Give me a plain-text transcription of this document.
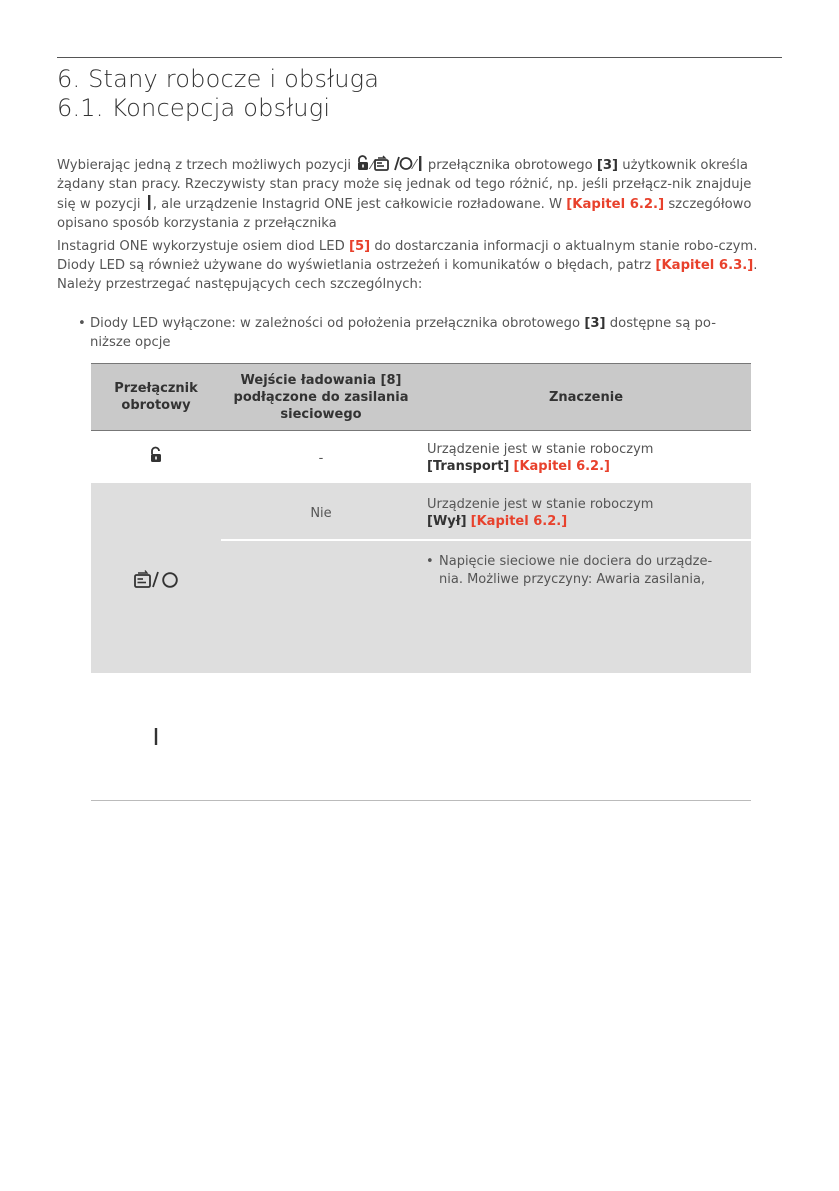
6. Stany robocze i obsługa
6.1. Koncepcja obsługi
Wybierając jedną z trzech możliwych pozycji ⁄	⁄ przełącznika obrotowego [3] użytkownik określa żądany stan pracy. Rzeczywisty stan pracy może się jednak od tego różnić, np. jeśli przełącz-nik znajduje się w pozycji , ale urządzenie Instagrid ONE jest całkowicie rozładowane. W [Kapitel 6.2.] szczegółowo opisano sposób korzystania z przełącznika
Instagrid ONE wykorzystuje osiem diod LED [5] do dostarczania informacji o aktualnym stanie robo-czym. Diody LED są również używane do wyświetlania ostrzeżeń i komunikatów o błędach, patrz [Kapitel 6.3.]. Należy przestrzegać następujących cech szczególnych:
• Diody LED wyłączone: w zależności od położenia przełącznika obrotowego [3] dostępne są po-
niższe opcje
Przełącznik obrotowy
Wejście ładowania [8] podłączone do zasilania sieciowego
Znaczenie
-
Urządzenie jest w stanie roboczym
[Transport] [Kapitel 6.2.]
Nie
Urządzenie jest w stanie roboczym
[Wył] [Kapitel 6.2.]
• Napięcie sieciowe nie dociera do urządze-
nia. Możliwe przyczyny: Awaria zasilania,
